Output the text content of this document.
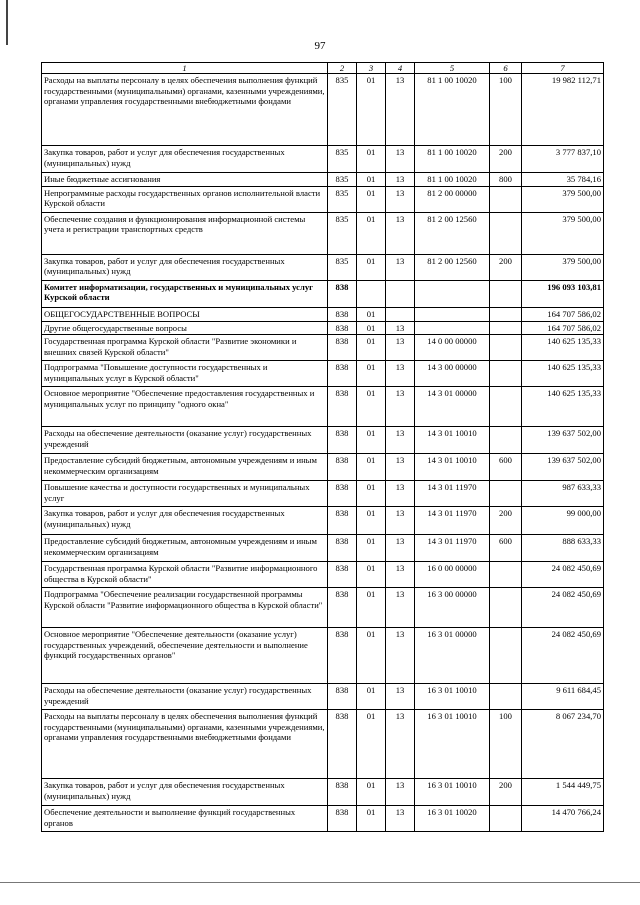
97
1	2	3	4	5	6	7
Расходы на выплаты персоналу в целях обеспечения выполнения функций государственными (муниципальными) органами, казенными учреждениями, органами управления государственными внебюджетными фондами	835	01	13	81 1 00 10020	100	19 982 112,71
Закупка товаров, работ и услуг для обеспечения государственных (муниципальных) нужд	835	01	13	81 1 00 10020	200	3 777 837,10
Иные бюджетные ассигнования	835	01	13	81 1 00 10020	800	35 784,16
Непрограммные расходы государственных органов исполнительной власти Курской области	835	01	13	81 2 00 00000		379 500,00
Обеспечение создания и функционирования информационной системы учета и регистрации транспортных средств	835	01	13	81 2 00 12560		379 500,00
Закупка товаров, работ и услуг для обеспечения государственных (муниципальных) нужд	835	01	13	81 2 00 12560	200	379 500,00
Комитет информатизации, государственных и муниципальных услуг Курской области	838					196 093 103,81
ОБЩЕГОСУДАРСТВЕННЫЕ ВОПРОСЫ	838	01				164 707 586,02
Другие общегосударственные вопросы	838	01	13			164 707 586,02
Государственная программа Курской области "Развитие экономики и внешних связей Курской области"	838	01	13	14 0 00 00000		140 625 135,33
Подпрограмма "Повышение доступности государственных и муниципальных услуг в Курской области"	838	01	13	14 3 00 00000		140 625 135,33
Основное мероприятие "Обеспечение предоставления государственных и муниципальных услуг по принципу "одного окна"	838	01	13	14 3 01 00000		140 625 135,33
Расходы на обеспечение деятельности (оказание услуг) государственных учреждений	838	01	13	14 3 01 10010		139 637 502,00
Предоставление субсидий бюджетным, автономным учреждениям и иным некоммерческим организациям	838	01	13	14 3 01 10010	600	139 637 502,00
Повышение качества и доступности государственных и муниципальных услуг	838	01	13	14 3 01 11970		987 633,33
Закупка товаров, работ и услуг для обеспечения государственных (муниципальных) нужд	838	01	13	14 3 01 11970	200	99 000,00
Предоставление субсидий бюджетным, автономным учреждениям и иным некоммерческим организациям	838	01	13	14 3 01 11970	600	888 633,33
Государственная программа Курской области "Развитие информационного общества в Курской области"	838	01	13	16 0 00 00000		24 082 450,69
Подпрограмма "Обеспечение реализации государственной программы Курской области "Развитие информационного общества в Курской области"	838	01	13	16 3 00 00000		24 082 450,69
Основное мероприятие "Обеспечение деятельности (оказание услуг) государственных учреждений, обеспечение деятельности и выполнение функций государственных органов"	838	01	13	16 3 01 00000		24 082 450,69
Расходы на обеспечение деятельности (оказание услуг) государственных учреждений	838	01	13	16 3 01 10010		9 611 684,45
Расходы на выплаты персоналу в целях обеспечения выполнения функций государственными (муниципальными) органами, казенными учреждениями, органами управления государственными внебюджетными фондами	838	01	13	16 3 01 10010	100	8 067 234,70
Закупка товаров, работ и услуг для обеспечения государственных (муниципальных) нужд	838	01	13	16 3 01 10010	200	1 544 449,75
Обеспечение деятельности и выполнение функций государственных органов	838	01	13	16 3 01 10020		14 470 766,24
